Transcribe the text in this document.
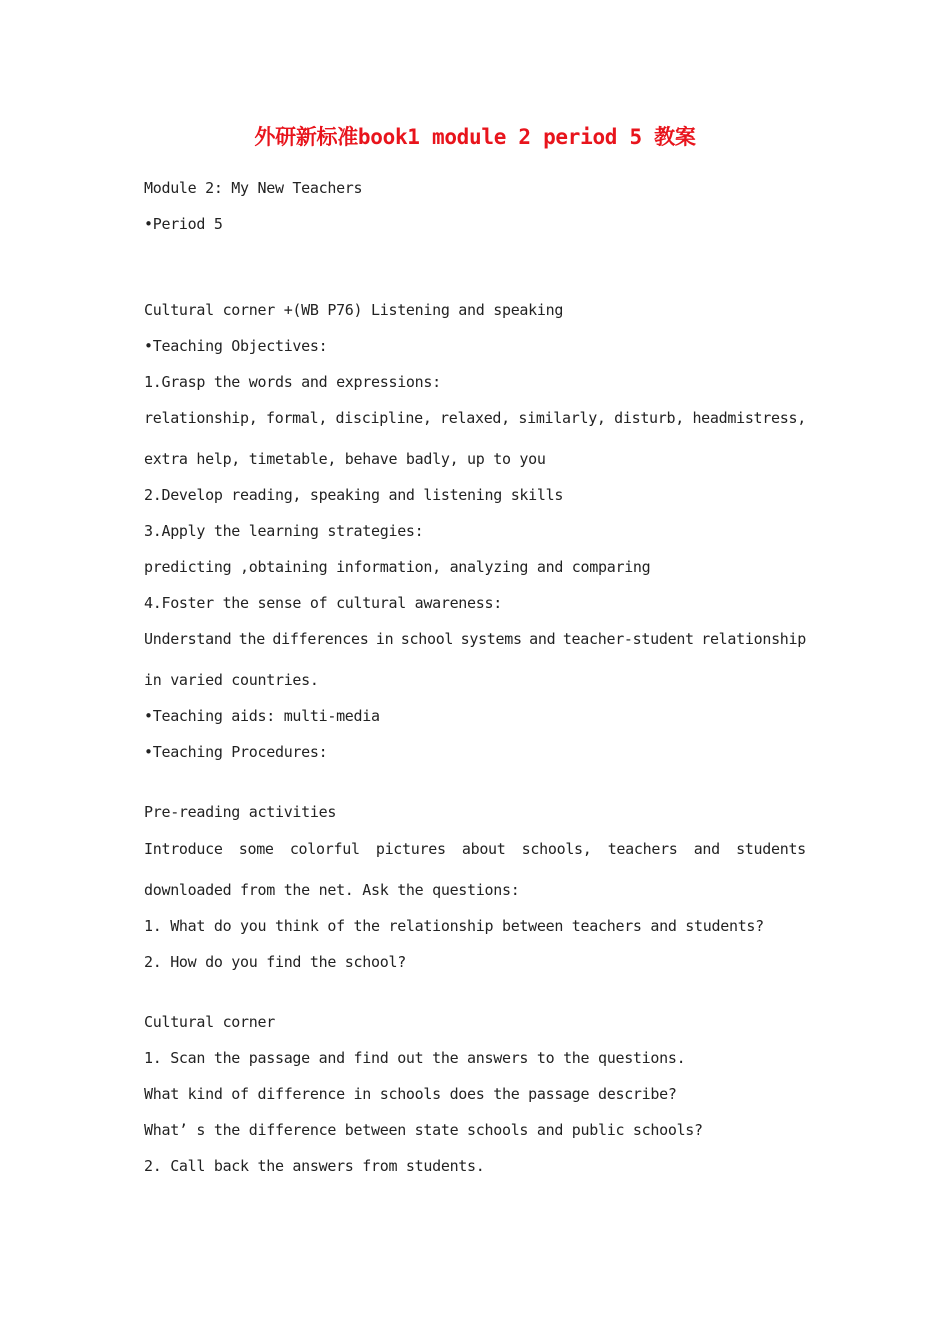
外研新标准book1 module 2 period 5 教案
Module 2: My New Teachers
•Period 5
Cultural corner +(WB P76) Listening and speaking
•Teaching Objectives:
1.Grasp the words and expressions:
relationship, formal, discipline, relaxed, similarly, disturb, headmistress,
extra help, timetable, behave badly, up to you
2.Develop reading, speaking and listening skills
3.Apply the learning strategies:
predicting ,obtaining information, analyzing and comparing
4.Foster the sense of cultural awareness:
Understand the differences in school systems and teacher-student relationship
in varied countries.
•Teaching aids: multi-media
•Teaching Procedures:
Pre-reading activities
Introduce some colorful pictures about schools, teachers and students
downloaded from the net. Ask the questions:
1. What do you think of the relationship between teachers and students?
2. How do you find the school?
Cultural corner
1. Scan the passage and find out the answers to the questions.
What kind of difference in schools does the passage describe?
What’ s the difference between state schools and public schools?
2. Call back the answers from students.
